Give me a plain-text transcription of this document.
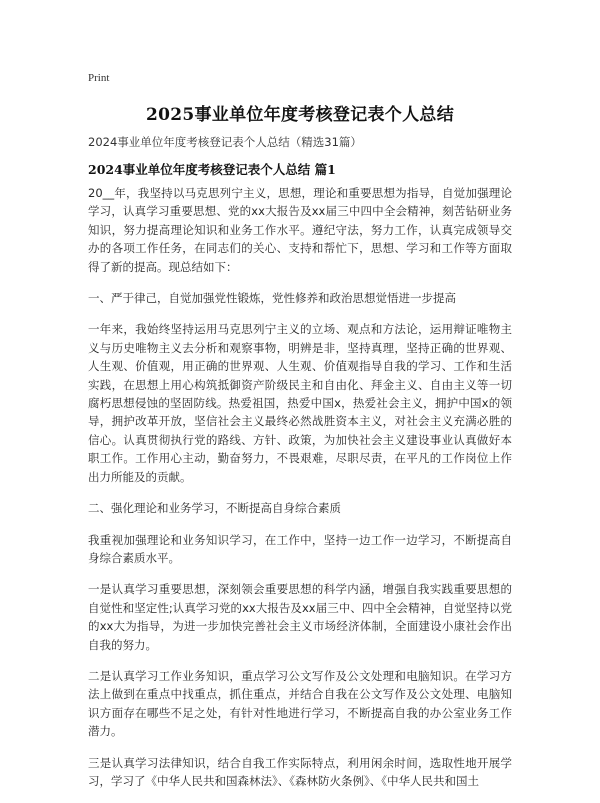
Print
2025事业单位年度考核登记表个人总结
2024事业单位年度考核登记表个人总结（精选31篇）
2024事业单位年度考核登记表个人总结 篇1

20__年，我坚持以马克思列宁主义，思想，理论和重要思想为指导，自觉加强理论学习，认真学习重要思想、党的xx大报告及xx届三中四中全会精神，刻苦钻研业务知识，努力提高理论知识和业务工作水平。遵纪守法，努力工作，认真完成领导交办的各项工作任务，在同志们的关心、支持和帮忙下，思想、学习和工作等方面取得了新的提高。现总结如下：

一、严于律己，自觉加强党性锻炼，党性修养和政治思想觉悟进一步提高

一年来，我始终坚持运用马克思列宁主义的立场、观点和方法论，运用辩证唯物主义与历史唯物主义去分析和观察事物，明辨是非，坚持真理，坚持正确的世界观、人生观、价值观，用正确的世界观、人生观、价值观指导自我的学习、工作和生活实践，在思想上用心构筑抵御资产阶级民主和自由化、拜金主义、自由主义等一切腐朽思想侵蚀的坚固防线。热爱祖国，热爱中国x，热爱社会主义，拥护中国x的领导，拥护改革开放，坚信社会主义最终必然战胜资本主义，对社会主义充满必胜的信心。认真贯彻执行党的路线、方针、政策，为加快社会主义建设事业认真做好本职工作。工作用心主动，勤奋努力，不畏艰难，尽职尽责，在平凡的工作岗位上作出力所能及的贡献。

二、强化理论和业务学习，不断提高自身综合素质

我重视加强理论和业务知识学习，在工作中，坚持一边工作一边学习，不断提高自身综合素质水平。

一是认真学习重要思想，深刻领会重要思想的科学内涵，增强自我实践重要思想的自觉性和坚定性;认真学习党的xx大报告及xx届三中、四中全会精神，自觉坚持以党的xx大为指导，为进一步加快完善社会主义市场经济体制，全面建设小康社会作出自我的努力。

二是认真学习工作业务知识，重点学习公文写作及公文处理和电脑知识。在学习方法上做到在重点中找重点，抓住重点，并结合自我在公文写作及公文处理、电脑知识方面存在哪些不足之处，有针对性地进行学习，不断提高自我的办公室业务工作潜力。

三是认真学习法律知识，结合自我工作实际特点，利用闲余时间，选取性地开展学习，学习了《中华人民共和国森林法》、《森林防火条例》、《中华人民共和国土
